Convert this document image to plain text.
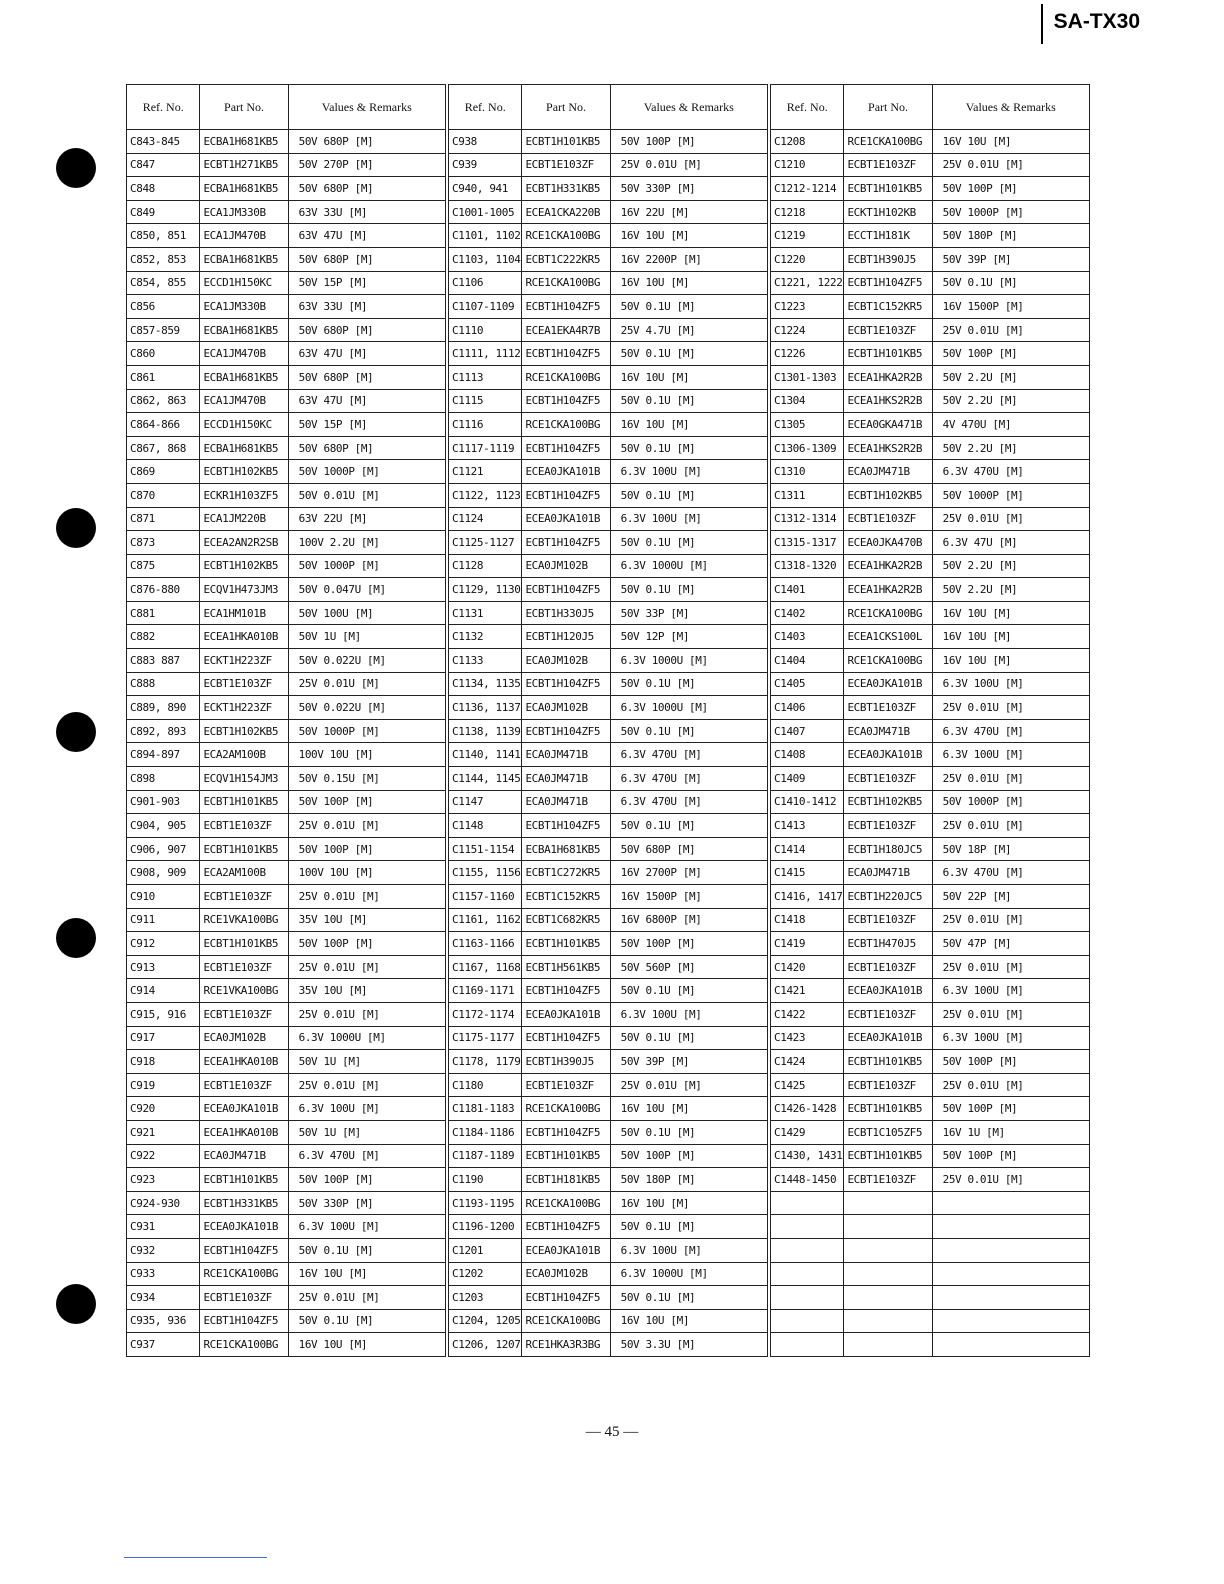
SA-TX30
Ref. No.	Part No.	Values & Remarks
C843-845	ECBA1H681KB5	50V 680P [M]
C847	ECBT1H271KB5	50V 270P [M]
C848	ECBA1H681KB5	50V 680P [M]
C849	ECA1JM330B	63V 33U [M]
C850, 851	ECA1JM470B	63V 47U [M]
C852, 853	ECBA1H681KB5	50V 680P [M]
C854, 855	ECCD1H150KC	50V 15P [M]
C856	ECA1JM330B	63V 33U [M]
C857-859	ECBA1H681KB5	50V 680P [M]
C860	ECA1JM470B	63V 47U [M]
C861	ECBA1H681KB5	50V 680P [M]
C862, 863	ECA1JM470B	63V 47U [M]
C864-866	ECCD1H150KC	50V 15P [M]
C867, 868	ECBA1H681KB5	50V 680P [M]
C869	ECBT1H102KB5	50V 1000P [M]
C870	ECKR1H103ZF5	50V 0.01U [M]
C871	ECA1JM220B	63V 22U [M]
C873	ECEA2AN2R2SB	100V 2.2U [M]
C875	ECBT1H102KB5	50V 1000P [M]
C876-880	ECQV1H473JM3	50V 0.047U [M]
C881	ECA1HM101B	50V 100U [M]
C882	ECEA1HKA010B	50V 1U [M]
C883 887	ECKT1H223ZF	50V 0.022U [M]
C888	ECBT1E103ZF	25V 0.01U [M]
C889, 890	ECKT1H223ZF	50V 0.022U [M]
C892, 893	ECBT1H102KB5	50V 1000P [M]
C894-897	ECA2AM100B	100V 10U [M]
C898	ECQV1H154JM3	50V 0.15U [M]
C901-903	ECBT1H101KB5	50V 100P [M]
C904, 905	ECBT1E103ZF	25V 0.01U [M]
C906, 907	ECBT1H101KB5	50V 100P [M]
C908, 909	ECA2AM100B	100V 10U [M]
C910	ECBT1E103ZF	25V 0.01U [M]
C911	RCE1VKA100BG	35V 10U [M]
C912	ECBT1H101KB5	50V 100P [M]
C913	ECBT1E103ZF	25V 0.01U [M]
C914	RCE1VKA100BG	35V 10U [M]
C915, 916	ECBT1E103ZF	25V 0.01U [M]
C917	ECA0JM102B	6.3V 1000U [M]
C918	ECEA1HKA010B	50V 1U [M]
C919	ECBT1E103ZF	25V 0.01U [M]
C920	ECEA0JKA101B	6.3V 100U [M]
C921	ECEA1HKA010B	50V 1U [M]
C922	ECA0JM471B	6.3V 470U [M]
C923	ECBT1H101KB5	50V 100P [M]
C924-930	ECBT1H331KB5	50V 330P [M]
C931	ECEA0JKA101B	6.3V 100U [M]
C932	ECBT1H104ZF5	50V 0.1U [M]
C933	RCE1CKA100BG	16V 10U [M]
C934	ECBT1E103ZF	25V 0.01U [M]
C935, 936	ECBT1H104ZF5	50V 0.1U [M]
C937	RCE1CKA100BG	16V 10U [M]
Ref. No.	Part No.	Values & Remarks
C938	ECBT1H101KB5	50V 100P [M]
C939	ECBT1E103ZF	25V 0.01U [M]
C940, 941	ECBT1H331KB5	50V 330P [M]
C1001-1005	ECEA1CKA220B	16V 22U [M]
C1101, 1102	RCE1CKA100BG	16V 10U [M]
C1103, 1104	ECBT1C222KR5	16V 2200P [M]
C1106	RCE1CKA100BG	16V 10U [M]
C1107-1109	ECBT1H104ZF5	50V 0.1U [M]
C1110	ECEA1EKA4R7B	25V 4.7U [M]
C1111, 1112	ECBT1H104ZF5	50V 0.1U [M]
C1113	RCE1CKA100BG	16V 10U [M]
C1115	ECBT1H104ZF5	50V 0.1U [M]
C1116	RCE1CKA100BG	16V 10U [M]
C1117-1119	ECBT1H104ZF5	50V 0.1U [M]
C1121	ECEA0JKA101B	6.3V 100U [M]
C1122, 1123	ECBT1H104ZF5	50V 0.1U [M]
C1124	ECEA0JKA101B	6.3V 100U [M]
C1125-1127	ECBT1H104ZF5	50V 0.1U [M]
C1128	ECA0JM102B	6.3V 1000U [M]
C1129, 1130	ECBT1H104ZF5	50V 0.1U [M]
C1131	ECBT1H330J5	50V 33P [M]
C1132	ECBT1H120J5	50V 12P [M]
C1133	ECA0JM102B	6.3V 1000U [M]
C1134, 1135	ECBT1H104ZF5	50V 0.1U [M]
C1136, 1137	ECA0JM102B	6.3V 1000U [M]
C1138, 1139	ECBT1H104ZF5	50V 0.1U [M]
C1140, 1141	ECA0JM471B	6.3V 470U [M]
C1144, 1145	ECA0JM471B	6.3V 470U [M]
C1147	ECA0JM471B	6.3V 470U [M]
C1148	ECBT1H104ZF5	50V 0.1U [M]
C1151-1154	ECBA1H681KB5	50V 680P [M]
C1155, 1156	ECBT1C272KR5	16V 2700P [M]
C1157-1160	ECBT1C152KR5	16V 1500P [M]
C1161, 1162	ECBT1C682KR5	16V 6800P [M]
C1163-1166	ECBT1H101KB5	50V 100P [M]
C1167, 1168	ECBT1H561KB5	50V 560P [M]
C1169-1171	ECBT1H104ZF5	50V 0.1U [M]
C1172-1174	ECEA0JKA101B	6.3V 100U [M]
C1175-1177	ECBT1H104ZF5	50V 0.1U [M]
C1178, 1179	ECBT1H390J5	50V 39P [M]
C1180	ECBT1E103ZF	25V 0.01U [M]
C1181-1183	RCE1CKA100BG	16V 10U [M]
C1184-1186	ECBT1H104ZF5	50V 0.1U [M]
C1187-1189	ECBT1H101KB5	50V 100P [M]
C1190	ECBT1H181KB5	50V 180P [M]
C1193-1195	RCE1CKA100BG	16V 10U [M]
C1196-1200	ECBT1H104ZF5	50V 0.1U [M]
C1201	ECEA0JKA101B	6.3V 100U [M]
C1202	ECA0JM102B	6.3V 1000U [M]
C1203	ECBT1H104ZF5	50V 0.1U [M]
C1204, 1205	RCE1CKA100BG	16V 10U [M]
C1206, 1207	RCE1HKA3R3BG	50V 3.3U [M]
Ref. No.	Part No.	Values & Remarks
C1208	RCE1CKA100BG	16V 10U [M]
C1210	ECBT1E103ZF	25V 0.01U [M]
C1212-1214	ECBT1H101KB5	50V 100P [M]
C1218	ECKT1H102KB	50V 1000P [M]
C1219	ECCT1H181K	50V 180P [M]
C1220	ECBT1H390J5	50V 39P [M]
C1221, 1222	ECBT1H104ZF5	50V 0.1U [M]
C1223	ECBT1C152KR5	16V 1500P [M]
C1224	ECBT1E103ZF	25V 0.01U [M]
C1226	ECBT1H101KB5	50V 100P [M]
C1301-1303	ECEA1HKA2R2B	50V 2.2U [M]
C1304	ECEA1HKS2R2B	50V 2.2U [M]
C1305	ECEA0GKA471B	4V 470U [M]
C1306-1309	ECEA1HKS2R2B	50V 2.2U [M]
C1310	ECA0JM471B	6.3V 470U [M]
C1311	ECBT1H102KB5	50V 1000P [M]
C1312-1314	ECBT1E103ZF	25V 0.01U [M]
C1315-1317	ECEA0JKA470B	6.3V 47U [M]
C1318-1320	ECEA1HKA2R2B	50V 2.2U [M]
C1401	ECEA1HKA2R2B	50V 2.2U [M]
C1402	RCE1CKA100BG	16V 10U [M]
C1403	ECEA1CKS100L	16V 10U [M]
C1404	RCE1CKA100BG	16V 10U [M]
C1405	ECEA0JKA101B	6.3V 100U [M]
C1406	ECBT1E103ZF	25V 0.01U [M]
C1407	ECA0JM471B	6.3V 470U [M]
C1408	ECEA0JKA101B	6.3V 100U [M]
C1409	ECBT1E103ZF	25V 0.01U [M]
C1410-1412	ECBT1H102KB5	50V 1000P [M]
C1413	ECBT1E103ZF	25V 0.01U [M]
C1414	ECBT1H180JC5	50V 18P [M]
C1415	ECA0JM471B	6.3V 470U [M]
C1416, 1417	ECBT1H220JC5	50V 22P [M]
C1418	ECBT1E103ZF	25V 0.01U [M]
C1419	ECBT1H470J5	50V 47P [M]
C1420	ECBT1E103ZF	25V 0.01U [M]
C1421	ECEA0JKA101B	6.3V 100U [M]
C1422	ECBT1E103ZF	25V 0.01U [M]
C1423	ECEA0JKA101B	6.3V 100U [M]
C1424	ECBT1H101KB5	50V 100P [M]
C1425	ECBT1E103ZF	25V 0.01U [M]
C1426-1428	ECBT1H101KB5	50V 100P [M]
C1429	ECBT1C105ZF5	16V 1U [M]
C1430, 1431	ECBT1H101KB5	50V 100P [M]
C1448-1450	ECBT1E103ZF	25V 0.01U [M]

— 45 —
